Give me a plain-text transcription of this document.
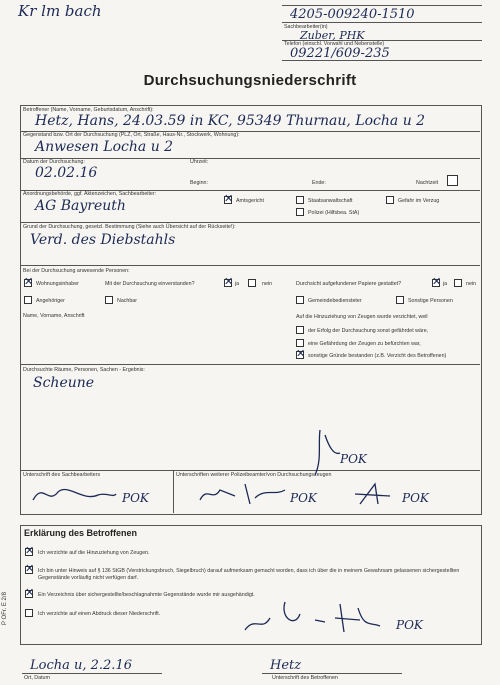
Kr lm bach	4205-009240-1510
Sachbearbeiter(in)
Zuber, PHK
Telefon (einschl. Vorwahl und Nebenstelle)
09221/609-235
Durchsuchungsniederschrift
Betroffener (Name, Vorname, Geburtsdatum, Anschrift):
Hetz, Hans, 24.03.59 in KC, 95349 Thurnau, Locha u 2
Gegenstand bzw. Ort der Durchsuchung (PLZ, Ort, Straße, Haus-Nr., Stockwerk, Wohnung):
Anwesen Locha u 2
Datum der Durchsuchung:	Uhrzeit:
02.02.16
Beginn:	Ende:	Nachtzeit
Anordnungsbehörde, ggf. Aktenzeichen, Sachbearbeiter:
AG Bayreuth ✕	Amtsgericht	Staatsanwaltschaft	Gefahr im Verzug
Polizei (Hilfsbea. StA)
Grund der Durchsuchung, gesetzl. Bestimmung (Siehe auch Übersicht auf der Rückseite!):
Verd. des Diebstahls
Bei der Durchsuchung anwesende Personen:
✕
Wohnungsinhaber	Mit der Durchsuchung einverstanden? ✕	ja	nein	Durchsicht aufgefundener Papiere gestattet? ✕	ja	nein
Angehöriger	Nachbar	Gemeindebediensteter	Sonstige Personen
Name, Vorname, Anschrift	Auf die Hinzuziehung von Zeugen wurde verzichtet, weil
der Erfolg der Durchsuchung sonst gefährdet wäre,
eine Gefährdung der Zeugen zu befürchten war,
✕
sonstige Gründe bestanden (z.B. Verzicht des Betroffenen)
Durchsuchte Räume, Personen, Sachen - Ergebnis:
Scheune
Unterschrift des Sachbearbeiters	Unterschriften weiterer Polizeibeamter/von Durchsuchungszeugen
POK
POK	POK	POK
Erklärung des Betroffenen
✕
Ich verzichte auf die Hinzuziehung von Zeugen.
✕
Ich bin unter Hinweis auf § 136 StGB (Verstrickungsbruch, Siegelbruch) darauf aufmerksam gemacht worden, dass ich über die in meinem Gewahrsam gelassenen sichergestellten Gegenstände vorläufig nicht verfügen darf.
✕
Ein Verzeichnis über sichergestellte/beschlagnahmte Gegenstände wurde mir ausgehändigt.
Ich verzichte auf einen Abdruck dieser Niederschrift.
POK
Locha u, 2.2.16
Ort, Datum
Hetz
Unterschrift des Betroffenen
P OFr. E 2/8
